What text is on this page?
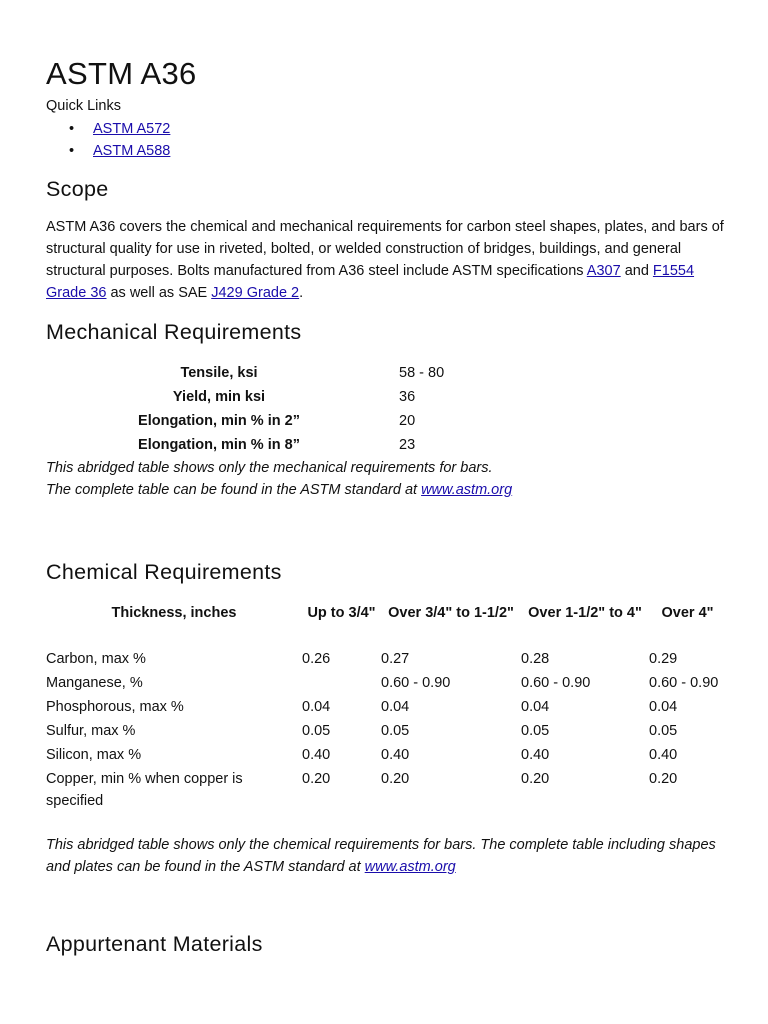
ASTM A36
Quick Links
• ASTM A572
• ASTM A588
Scope
ASTM A36 covers the chemical and mechanical requirements for carbon steel shapes, plates, and bars of structural quality for use in riveted, bolted, or welded construction of bridges, buildings, and general structural purposes. Bolts manufactured from A36 steel include ASTM specifications A307 and F1554 Grade 36 as well as SAE J429 Grade 2.
Mechanical Requirements
Tensile, ksi	58 - 80
Yield, min ksi	36
Elongation, min % in 2”	20
Elongation, min % in 8”	23
This abridged table shows only the mechanical requirements for bars.
The complete table can be found in the ASTM standard at www.astm.org
Chemical Requirements
Thickness, inches	Up to 3/4"	Over 3/4" to 1-1/2"	Over 1-1/2" to 4"	Over 4"
Carbon, max %	0.26	0.27	0.28	0.29
Manganese, %		0.60 - 0.90	0.60 - 0.90	0.60 - 0.90
Phosphorous, max %	0.04	0.04	0.04	0.04
Sulfur, max %	0.05	0.05	0.05	0.05
Silicon, max %	0.40	0.40	0.40	0.40
Copper, min % when copper is specified	0.20	0.20	0.20	0.20
This abridged table shows only the chemical requirements for bars. The complete table including shapes and plates can be found in the ASTM standard at www.astm.org
Appurtenant Materials
